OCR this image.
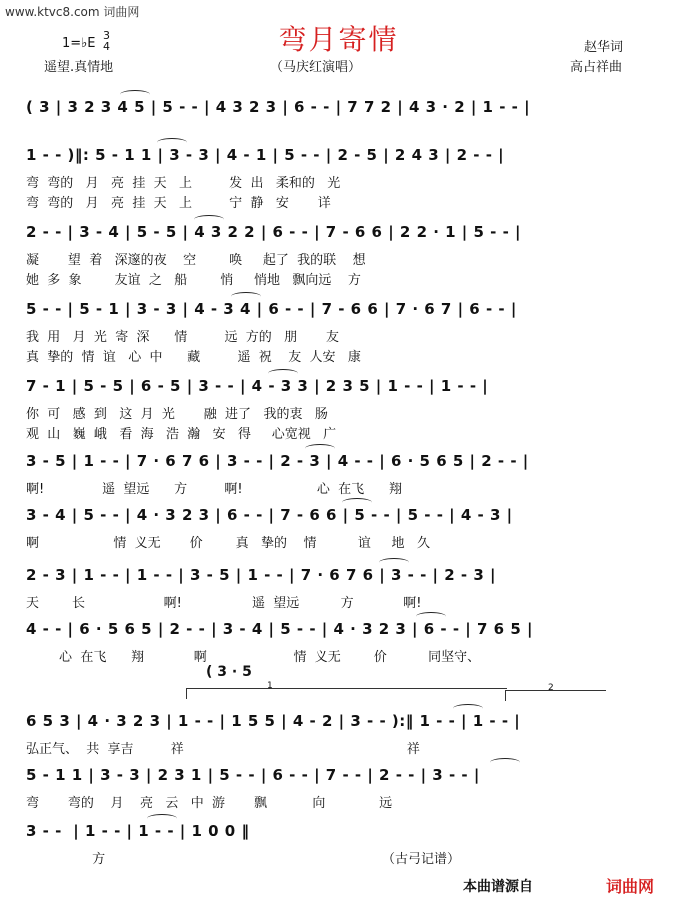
www.ktvc8.com 词曲网
弯月寄情
1=♭E
3
4
遥望.真情地	（马庆红演唱）
赵华词
高占祥曲
( 3 | 3 2 3 4 5 | 5 - - | 4 3 2 3 | 6 - - | 7 7 2 | 4 3 · 2 | 1 - - |
1 - - )‖: 5 - 1 1 | 3 - 3 | 4 - 1 | 5 - - | 2 - 5 | 2 4 3 | 2 - - |
弯  弯的   月   亮  挂  天   上         发  出   柔和的   光
弯  弯的   月   亮  挂  天   上         宁  静   安       详
2 - - | 3 - 4 | 5 - 5 | 4 3 2 2 | 6 - - | 7 - 6 6 | 2 2 · 1 | 5 - - |
凝       望  着   深邃的夜    空        唤     起了  我的联    想
她  多  象        友谊  之   船        悄     悄地   飘向远    方
5 - - | 5 - 1 | 3 - 3 | 4 - 3 4 | 6 - - | 7 - 6 6 | 7 · 6 7 | 6 - - |
我  用   月  光  寄  深      情         远  方的   朋       友
真  挚的  情  谊   心  中      藏         遥  祝    友  人安   康
7 - 1 | 5 - 5 | 6 - 5 | 3 - - | 4 - 3 3 | 2 3 5 | 1 - - | 1 - - |
你  可   感  到   这  月  光       融  进了   我的衷   肠
观  山   巍  峨   看  海   浩  瀚   安   得     心宽视   广
3 - 5 | 1 - - | 7 · 6 7 6 | 3 - - | 2 - 3 | 4 - - | 6 · 5 6 5 | 2 - - |
啊!              遥  望远      方         啊!                  心  在飞      翔
3 - 4 | 5 - - | 4 · 3 2 3 | 6 - - | 7 - 6 6 | 5 - - | 5 - - | 4 - 3 |
啊                  情  义无       价        真   挚的    情          谊     地   久
2 - 3 | 1 - - | 1 - - | 3 - 5 | 1 - - | 7 · 6 7 6 | 3 - - | 2 - 3 |
天        长                   啊!                 遥  望远          方            啊!
4 - - | 6 · 5 6 5 | 2 - - | 3 - 4 | 5 - - | 4 · 3 2 3 | 6 - - | 7 6 5 |
心  在飞      翔            啊                     情  义无        价          同坚守、
6 5 3 | 4 · 3 2 3 | 1 - - | 1 5 5 | 4 - 2 | 3 - - ):‖ 1 - - | 1 - - |
弘正气、  共  享吉         祥                                                      祥
5 - 1 1 | 3 - 3 | 2 3 1 | 5 - - | 6 - - | 7 - - | 2 - - | 3 - - |
弯       弯的    月    亮   云   中  游       飘           向             远
3 - -  | 1 - - | 1 - - | 1 0 0 ‖
方                                                                   （古弓记谱）
( 3 · 5
1	2
本曲谱源自	词曲网
